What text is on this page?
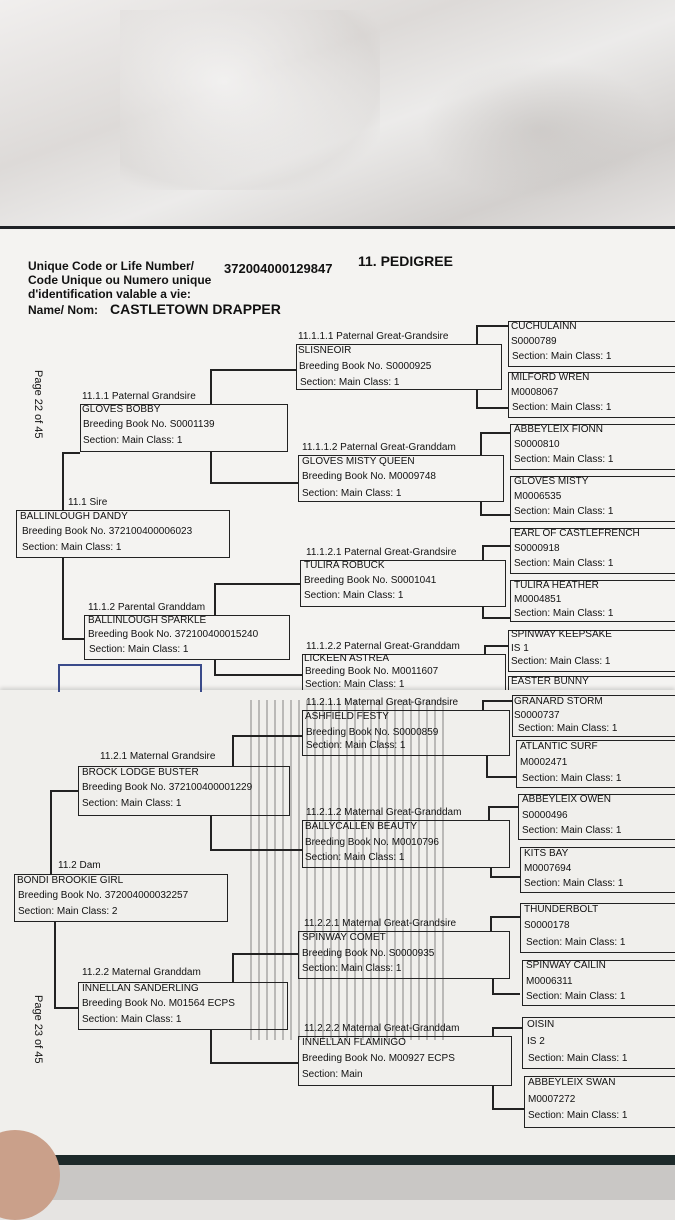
Unique Code or Life Number/
Code Unique ou Numero unique
d'identification valable a vie:
372004000129847 11. PEDIGREE
Name/ Nom: CASTLETOWN DRAPPER
Page 22 of 45
Page 23 of 45
11.1 Sire
BALLINLOUGH DANDY
Breeding Book No. 372100400006023
Section: Main Class: 1
11.1.1 Paternal Grandsire
GLOVES BOBBY
Breeding Book No. S0001139
Section: Main Class: 1
11.1.2 Parental Granddam
BALLINLOUGH SPARKLE
Breeding Book No. 372100400015240
Section: Main Class: 1
11.1.1.1 Paternal Great-Grandsire
SLISNEOIR
Breeding Book No. S0000925
Section: Main Class: 1
11.1.1.2 Paternal Great-Granddam
GLOVES MISTY QUEEN
Breeding Book No. M0009748
Section: Main Class: 1
11.1.2.1 Paternal Great-Grandsire
TULIRA ROBUCK
Breeding Book No. S0001041
Section: Main Class: 1
11.1.2.2 Paternal Great-Granddam
LICKEEN ASTREA
Breeding Book No. M0011607
Section: Main Class: 1
CUCHULAINN
S0000789
Section: Main Class: 1
MILFORD WREN
M0008067
Section: Main Class: 1
ABBEYLEIX FIONN
S0000810
Section: Main Class: 1
GLOVES MISTY
M0006535
Section: Main Class: 1
EARL OF CASTLEFRENCH
S0000918
Section: Main Class: 1
TULIRA HEATHER
M0004851
Section: Main Class: 1
SPINWAY KEEPSAKE
IS 1
Section: Main Class: 1
EASTER BUNNY
11.2 Dam
BONDI BROOKIE GIRL
Breeding Book No. 372004000032257
Section: Main Class: 2
11.2.1 Maternal Grandsire
BROCK LODGE BUSTER
Breeding Book No. 372100400001229
Section: Main Class: 1
11.2.2 Maternal Granddam
INNELLAN SANDERLING
Breeding Book No. M01564 ECPS
Section: Main Class: 1
11.2.1.1 Maternal Great-Grandsire
ASHFIELD FESTY
Breeding Book No. S0000859
Section: Main Class: 1
11.2.1.2 Maternal Great-Granddam
BALLYCALLEN BEAUTY
Breeding Book No. M0010796
Section: Main Class: 1
11.2.2.1 Maternal Great-Grandsire
SPINWAY COMET
Breeding Book No. S0000935
Section: Main Class: 1
11.2.2.2 Maternal Great-Granddam
INNELLAN FLAMINGO
Breeding Book No. M00927 ECPS
Section: Main
GRANARD STORM
S0000737
Section: Main Class: 1
ATLANTIC SURF
M0002471
Section: Main Class: 1
ABBEYLEIX OWEN
S0000496
Section: Main Class: 1
KITS BAY
M0007694
Section: Main Class: 1
THUNDERBOLT
S0000178
Section: Main Class: 1
SPINWAY CAILIN
M0006311
Section: Main Class: 1
OISIN
IS 2
Section: Main Class: 1
ABBEYLEIX SWAN
M0007272
Section: Main Class: 1
